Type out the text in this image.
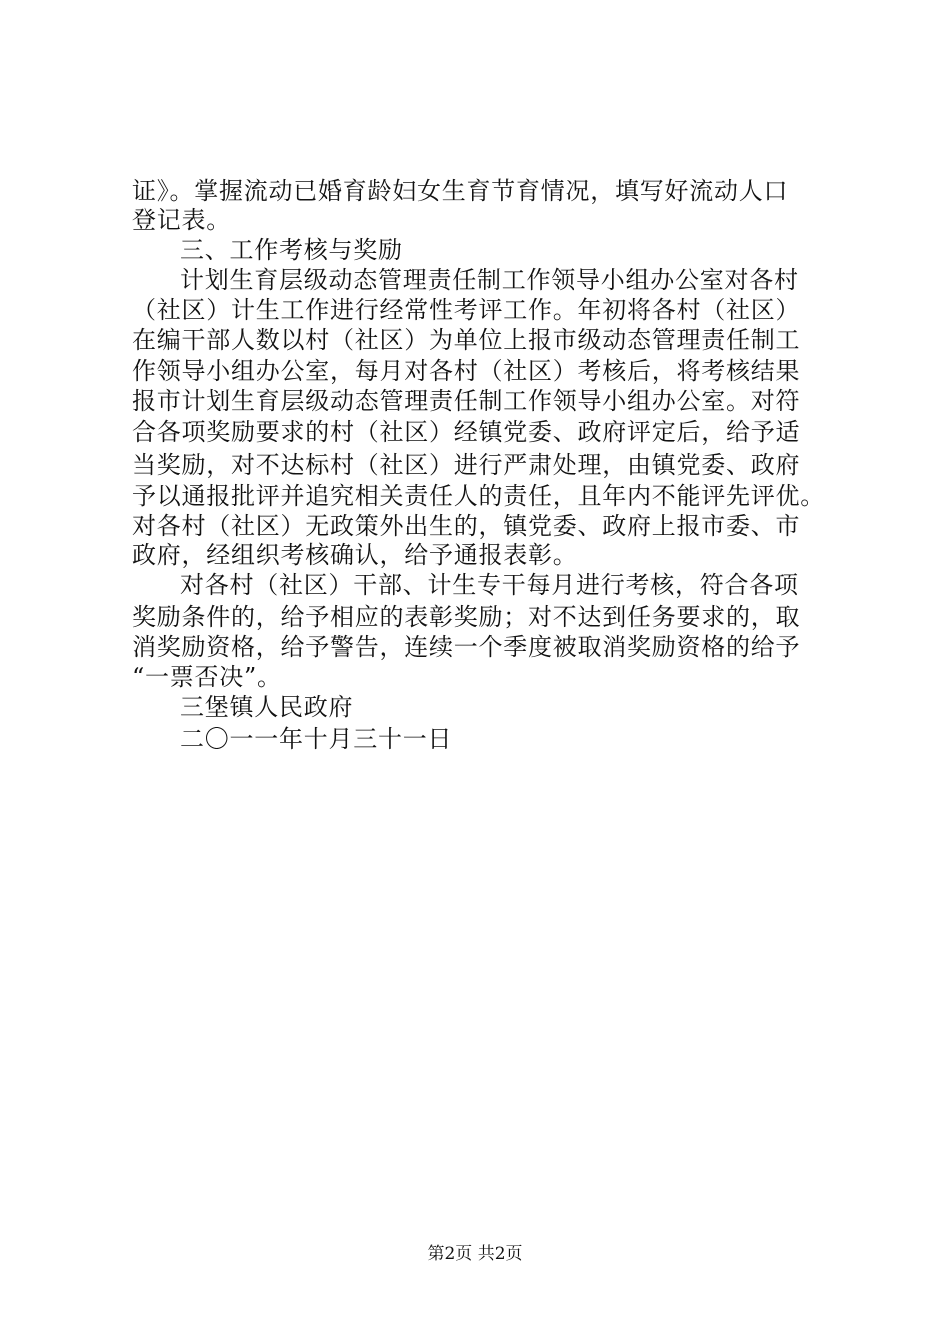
证》。掌握流动已婚育龄妇女生育节育情况，填写好流动人口
登记表。
三、工作考核与奖励
计划生育层级动态管理责任制工作领导小组办公室对各村
（社区）计生工作进行经常性考评工作。年初将各村（社区）
在编干部人数以村（社区）为单位上报市级动态管理责任制工
作领导小组办公室，每月对各村（社区）考核后，将考核结果
报市计划生育层级动态管理责任制工作领导小组办公室。对符
合各项奖励要求的村（社区）经镇党委、政府评定后，给予适
当奖励，对不达标村（社区）进行严肃处理，由镇党委、政府
予以通报批评并追究相关责任人的责任，且年内不能评先评优。
对各村（社区）无政策外出生的，镇党委、政府上报市委、市
政府，经组织考核确认，给予通报表彰。
对各村（社区）干部、计生专干每月进行考核，符合各项
奖励条件的，给予相应的表彰奖励；对不达到任务要求的，取
消奖励资格，给予警告，连续一个季度被取消奖励资格的给予
“一票否决”。
三堡镇人民政府
二〇一一年十月三十一日
第2页 共2页
